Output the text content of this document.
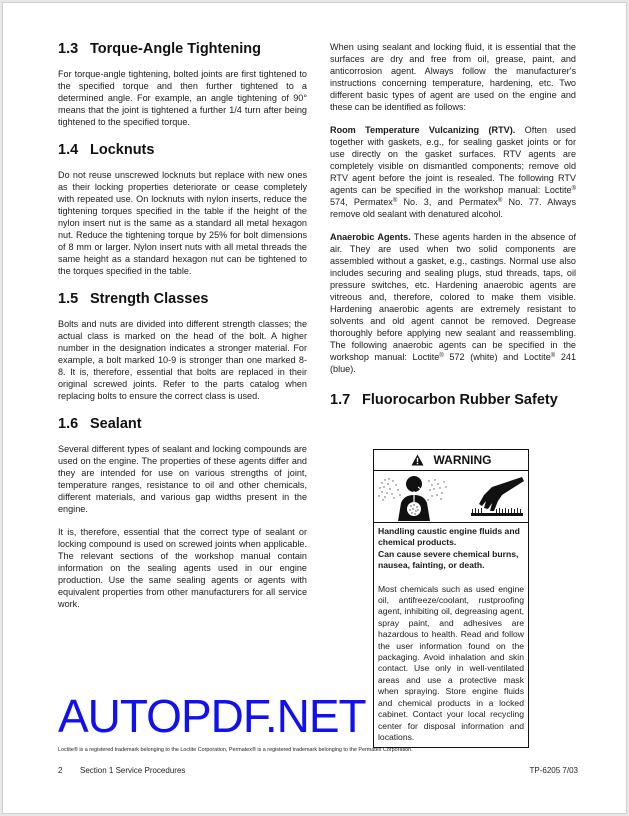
1.3 Torque-Angle Tightening

For torque-angle tightening, bolted joints are first tightened to the specified torque and then further tightened to a determined angle. For example, an angle tightening of 90° means that the joint is tightened a further 1/4 turn after being tightened to the specified torque.

1.4 Locknuts

Do not reuse unscrewed locknuts but replace with new ones as their locking properties deteriorate or cease completely with repeated use. On locknuts with nylon inserts, reduce the tightening torques specified in the table if the height of the nylon insert nut is the same as a standard all metal hexagon nut. Reduce the tightening torque by 25% for bolt dimensions of 8 mm or larger. Nylon insert nuts with all metal threads the same height as a standard hexagon nut can be tightened to the torques specified in the table.

1.5 Strength Classes

Bolts and nuts are divided into different strength classes; the actual class is marked on the head of the bolt. A higher number in the designation indicates a stronger material. For example, a bolt marked 10-9 is stronger than one marked 8-8. It is, therefore, essential that bolts are replaced in their original screwed joints. Refer to the parts catalog when replacing bolts to ensure the correct class is used.

1.6 Sealant

Several different types of sealant and locking compounds are used on the engine. The properties of these agents differ and they are intended for use on various strengths of joint, temperature ranges, resistance to oil and other chemicals, different materials, and various gap widths present in the engine.

It is, therefore, essential that the correct type of sealant or locking compound is used on screwed joints when applicable. The relevant sections of the workshop manual contain information on the sealing agents used in our engine production. Use the same sealing agents or agents with equivalent properties from other manufacturers for all service work.

When using sealant and locking fluid, it is essential that the surfaces are dry and free from oil, grease, paint, and anticorrosion agent. Always follow the manufacturer's instructions concerning temperature, hardening, etc. Two different basic types of agent are used on the engine and these can be identified as follows:

Room Temperature Vulcanizing (RTV). Often used together with gaskets, e.g., for sealing gasket joints or for use directly on the gasket surfaces. RTV agents are completely visible on dismantled components; remove old RTV agent before the joint is resealed. The following RTV agents can be specified in the workshop manual: Loctite® 574, Permatex® No. 3, and Permatex® No. 77. Always remove old sealant with denatured alcohol.

Anaerobic Agents. These agents harden in the absence of air. They are used when two solid components are assembled without a gasket, e.g., castings. Normal use also includes securing and sealing plugs, stud threads, taps, oil pressure switches, etc. Hardening anaerobic agents are vitreous and, therefore, colored to make them visible. Hardening anaerobic agents are extremely resistant to solvents and old agent cannot be removed. Degrease thoroughly before applying new sealant and reassembling. The following anaerobic agents can be specified in the workshop manual: Loctite® 572 (white) and Loctite® 241 (blue).

1.7 Fluorocarbon Rubber Safety
WARNING

Handling caustic engine fluids and chemical products.

Can cause severe chemical burns, nausea, fainting, or death.

Most chemicals such as used engine oil, antifreeze/coolant, rustproofing agent, inhibiting oil, degreasing agent, spray paint, and adhesives are hazardous to health. Read and follow the user information found on the packaging. Avoid inhalation and skin contact. Use only in well-ventilated areas and use a protective mask when spraying. Store engine fluids and chemical products in a locked cabinet. Contact your local recycling center for disposal information and locations.

AUTOPDF.NET
Loctite® is a registered trademark belonging to the Loctite Corporation, Permatex® is a registered trademark belonging to the Permatex Corporation.
2 Section 1 Service Procedures	TP-6205 7/03
